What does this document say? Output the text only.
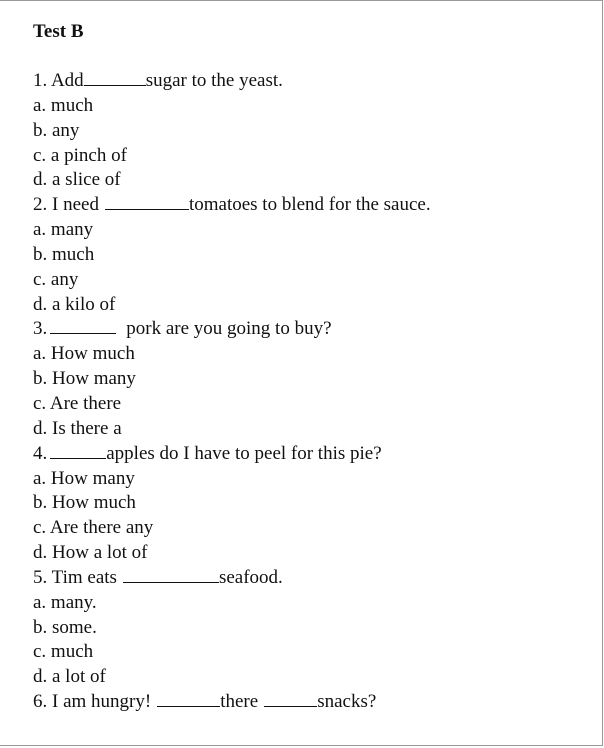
Test B
1. Add	sugar to the yeast.
a. much
b. any
c. a pinch of
d. a slice of
2. I need	tomatoes to blend for the sauce.
a. many
b. much
c. any
d. a kilo of
3.	pork are you going to buy?
a. How much
b. How many
c. Are there
d. Is there a
4.	apples do I have to peel for this pie?
a. How many
b. How much
c. Are there any
d. How a lot of
5. Tim eats	seafood.
a. many.
b. some.
c. much
d. a lot of
6. I am hungry!	there	snacks?
